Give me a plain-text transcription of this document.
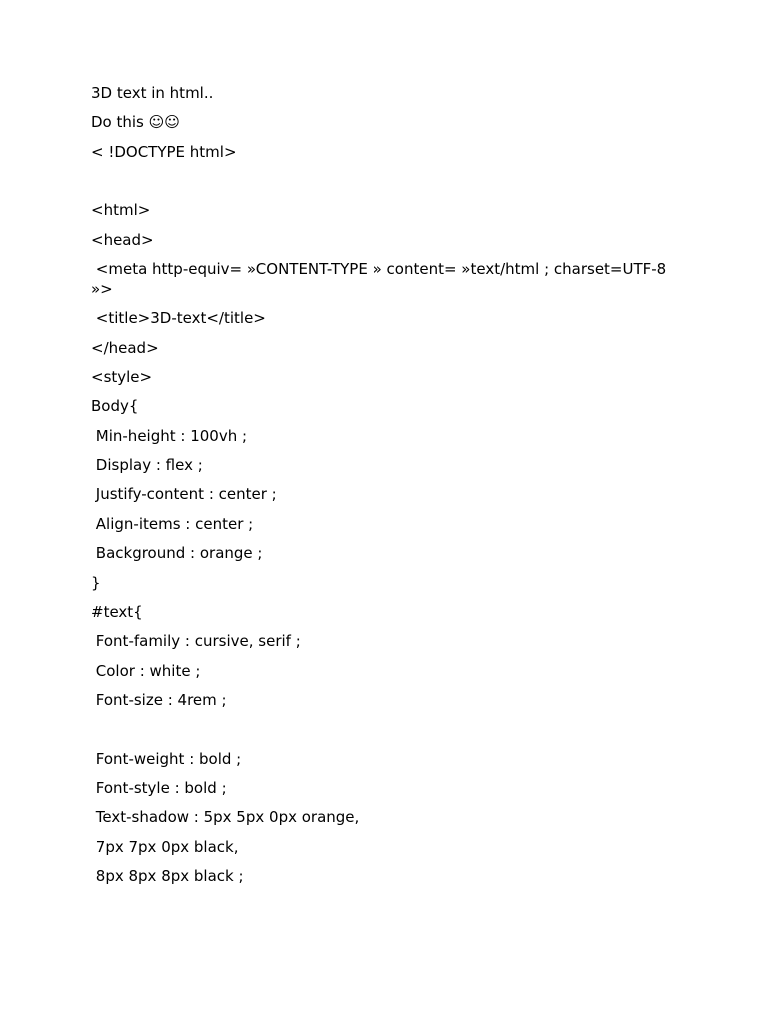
3D text in html..
Do this ☺☺
< !DOCTYPE html>
<html>
<head>
<meta http-equiv= »CONTENT-TYPE » content= »text/html ; charset=UTF-8 »>
<title>3D-text</title>
</head>
<style>
Body{
Min-height : 100vh ;
Display : flex ;
Justify-content : center ;
Align-items : center ;
Background : orange ;
}
#text{
Font-family : cursive, serif ;
Color : white ;
Font-size : 4rem ;
Font-weight : bold ;
Font-style : bold ;
Text-shadow : 5px 5px 0px orange,
7px 7px 0px black,
8px 8px 8px black ;
